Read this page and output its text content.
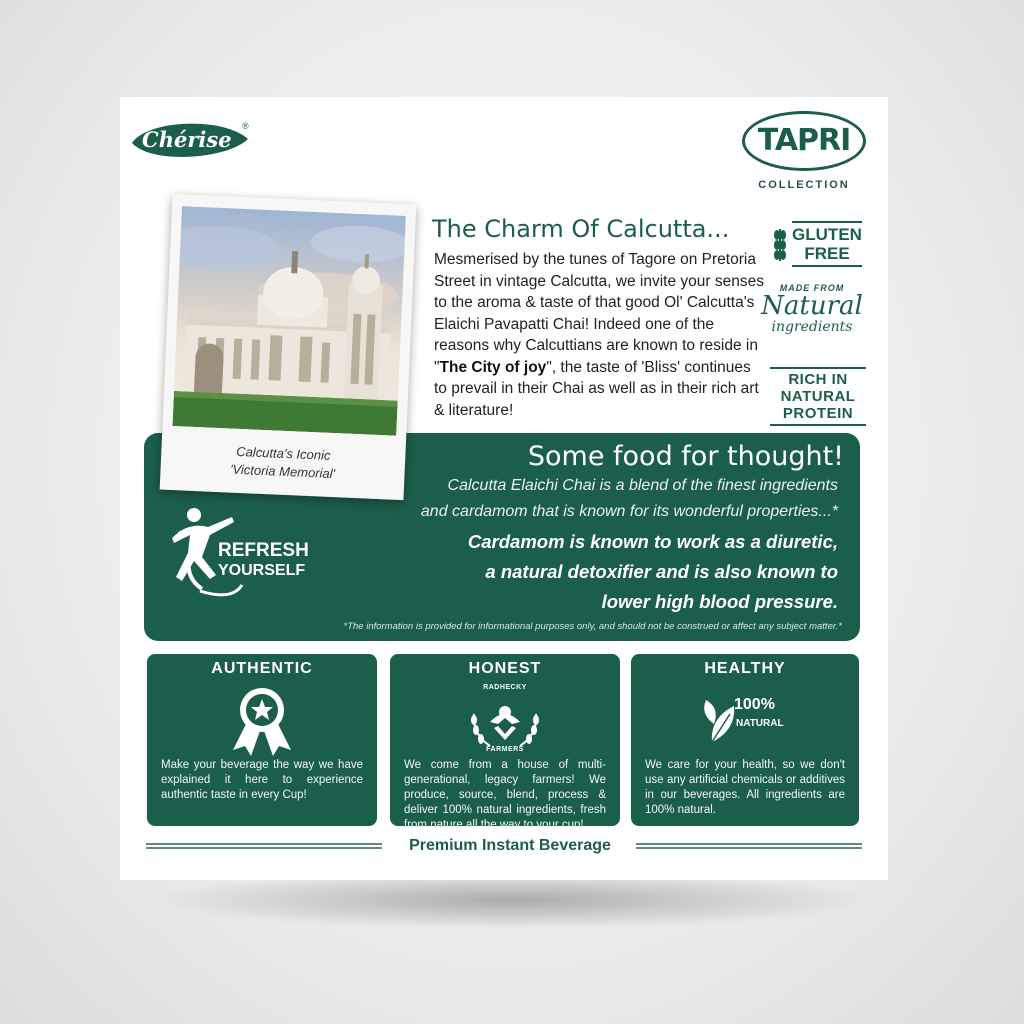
Chérise
®	TAPRI
COLLECTION
Calcutta's Iconic
'Victoria Memorial'
The Charm Of Calcutta...
Mesmerised by the tunes of Tagore on Pretoria Street in vintage Calcutta, we invite your senses to the aroma & taste of that good Ol' Calcutta's Elaichi Pavapatti Chai! Indeed one of the reasons why Calcuttians are known to reside in "The City of joy", the taste of 'Bliss' continues to prevail in their Chai as well as in their rich art & literature!
GLUTEN
FREE
MADE FROM
Natural
ingredients
RICH IN
NATURAL
PROTEIN
Some food for thought!
Calcutta Elaichi Chai is a blend of the finest ingredients
and cardamom that is known for its wonderful properties...*
Cardamom is known to work as a diuretic,
a natural detoxifier and is also known to
lower high blood pressure.
*The information is provided for informational purposes only, and should not be construed or affect any subject matter.*
REFRESH
YOURSELF
AUTHENTIC
Make your beverage the way we have explained it here to experience authentic taste in every Cup!
HONEST
RADHECKY
FARMERS
We come from a house of multi-generational, legacy farmers! We produce, source, blend, process & deliver 100% natural ingredients, fresh from nature all the way to your cup!
HEALTHY
100%
NATURAL
We care for your health, so we don't use any artificial chemicals or additives in our beverages. All ingredients are 100% natural.
Premium Instant Beverage
